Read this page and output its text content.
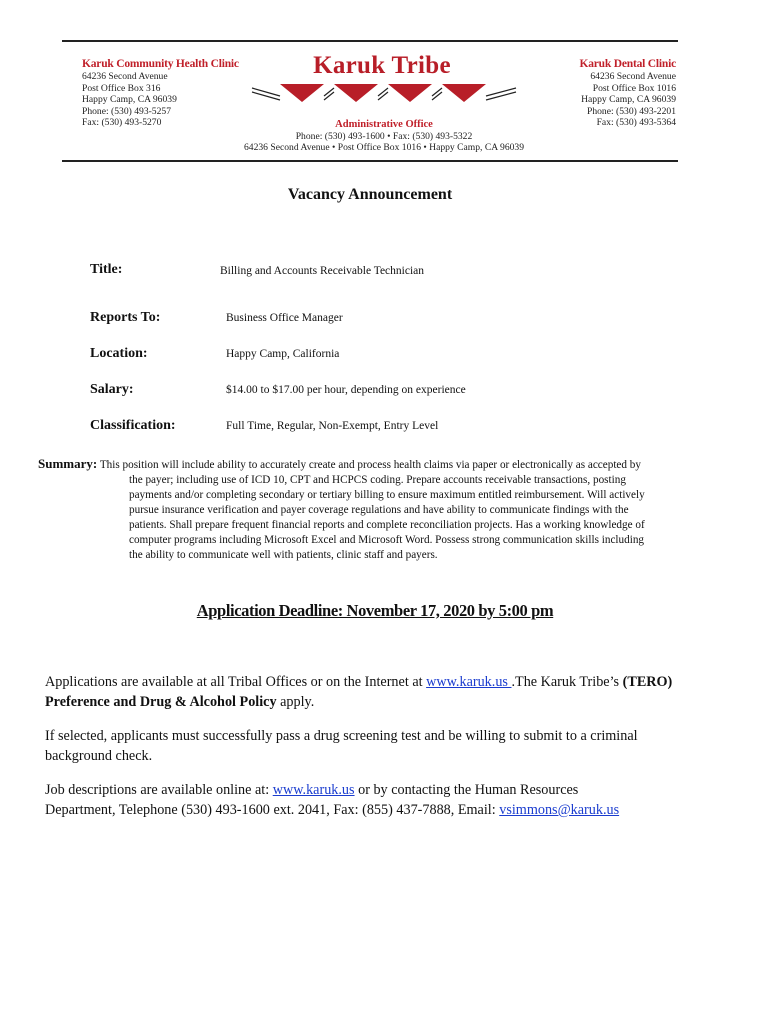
Karuk Community Health Clinic
64236 Second Avenue
Post Office Box 316
Happy Camp, CA 96039
Phone: (530) 493-5257
Fax: (530) 493-5270
Karuk Tribe
Administrative Office
Phone: (530) 493-1600 • Fax: (530) 493-5322
64236 Second Avenue • Post Office Box 1016 • Happy Camp, CA 96039
Karuk Dental Clinic
64236 Second Avenue
Post Office Box 1016
Happy Camp, CA 96039
Phone: (530) 493-2201
Fax: (530) 493-5364
Vacancy Announcement
Title:	Billing and Accounts Receivable Technician
Reports To:	Business Office Manager
Location:	Happy Camp, California
Salary:	$14.00 to $17.00 per hour, depending on experience
Classification:	Full Time, Regular, Non-Exempt, Entry Level
Summary: This position will include ability to accurately create and process health claims via paper or electronically as accepted by
the payer; including use of ICD 10, CPT and HCPCS coding. Prepare accounts receivable transactions, posting
payments and/or completing secondary or tertiary billing to ensure maximum entitled reimbursement. Will actively
pursue insurance verification and payer coverage regulations and have ability to communicate findings with the
patients. Shall prepare frequent financial reports and complete reconciliation projects. Has a working knowledge of
computer programs including Microsoft Excel and Microsoft Word. Possess strong communication skills including
the ability to communicate well with patients, clinic staff and payers.
Application Deadline: November 17, 2020 by 5:00 pm
Applications are available at all Tribal Offices or on the Internet at www.karuk.us .The Karuk Tribe’s (TERO)
Preference and Drug & Alcohol Policy apply.
If selected, applicants must successfully pass a drug screening test and be willing to submit to a criminal background check.
Job descriptions are available online at: www.karuk.us or by contacting the Human Resources
Department, Telephone (530) 493-1600 ext. 2041, Fax: (855) 437-7888, Email: vsimmons@karuk.us
